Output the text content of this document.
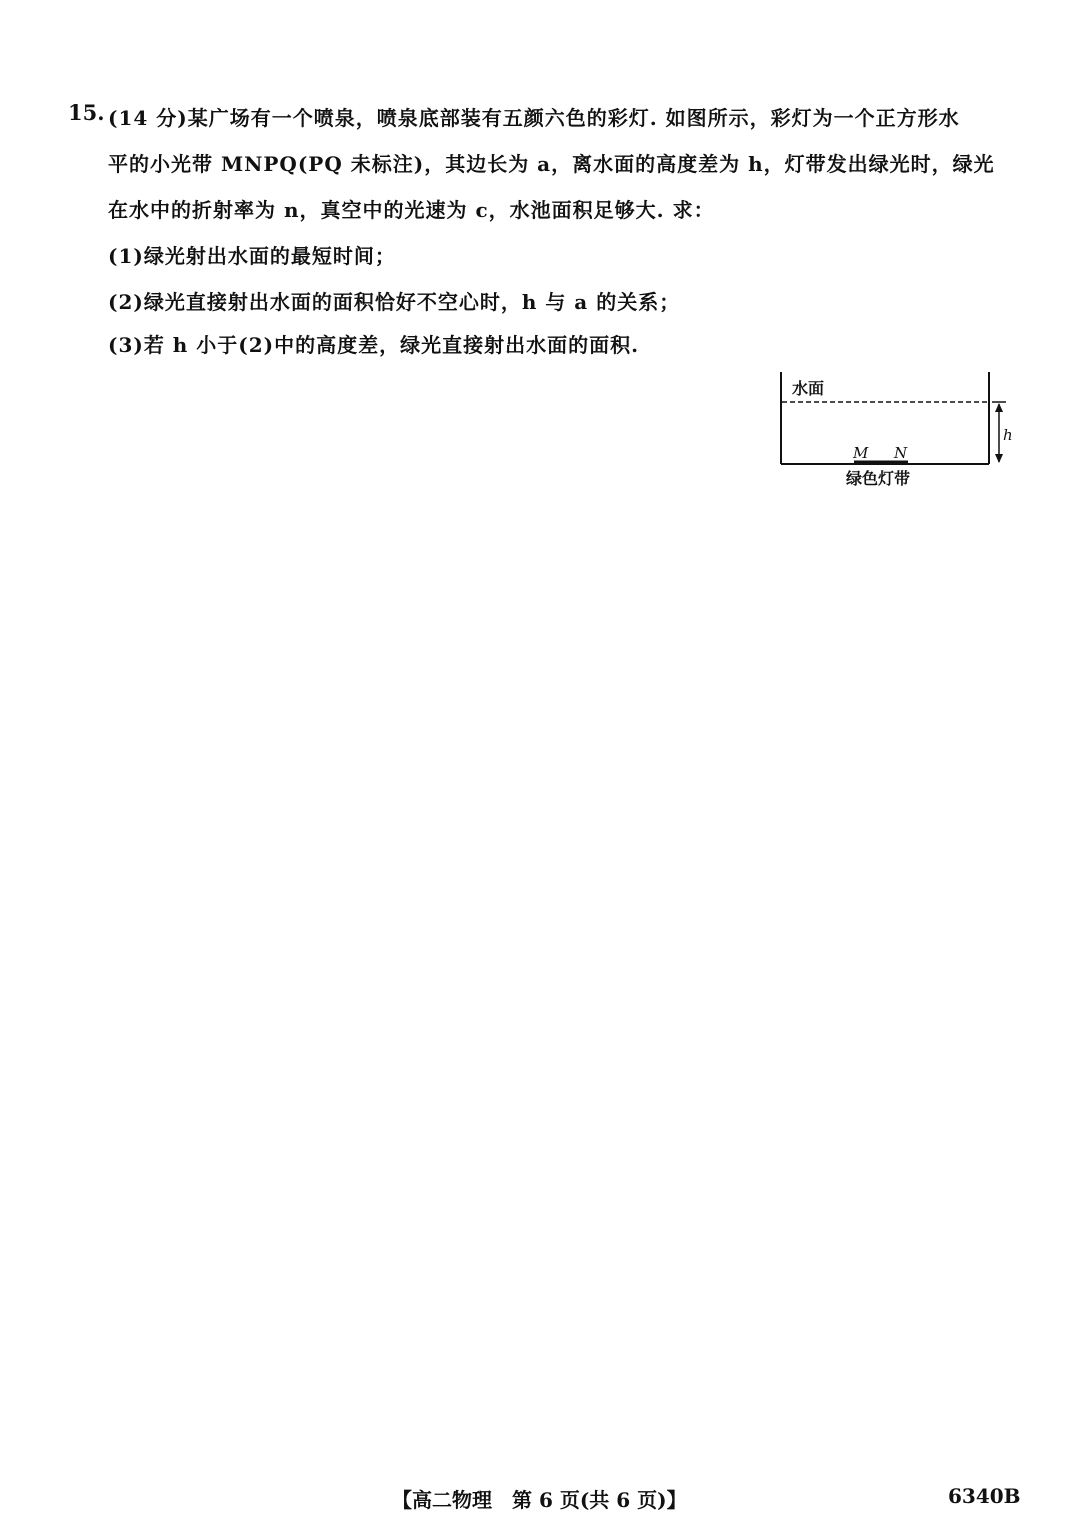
15. (14 分)某广场有一个喷泉，喷泉底部装有五颜六色的彩灯. 如图所示，彩灯为一个正方形水
平的小光带 MNPQ(PQ 未标注)，其边长为 a，离水面的高度差为 h，灯带发出绿光时，绿光
在水中的折射率为 n，真空中的光速为 c，水池面积足够大. 求：
(1)绿光射出水面的最短时间；
(2)绿光直接射出水面的面积恰好不空心时，h 与 a 的关系；
(3)若 h 小于(2)中的高度差，绿光直接射出水面的面积.
水面
h
M N
绿色灯带
【高二物理　第 6 页(共 6 页)】	6340B
